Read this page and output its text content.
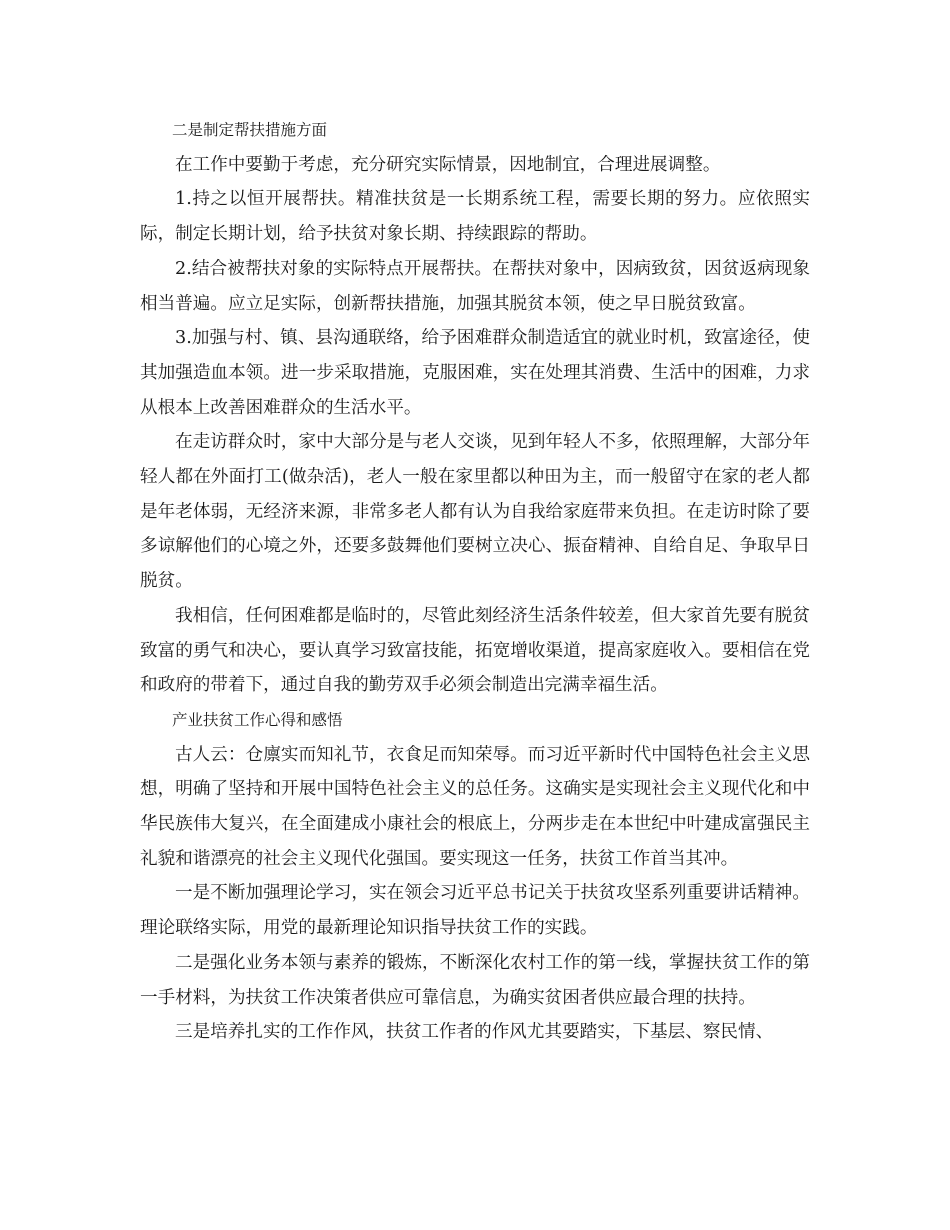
二是制定帮扶措施方面

在工作中要勤于考虑，充分研究实际情景，因地制宜，合理进展调整。

1.持之以恒开展帮扶。精准扶贫是一长期系统工程，需要长期的努力。应依照实际，制定长期计划，给予扶贫对象长期、持续跟踪的帮助。

2.结合被帮扶对象的实际特点开展帮扶。在帮扶对象中，因病致贫，因贫返病现象相当普遍。应立足实际，创新帮扶措施，加强其脱贫本领，使之早日脱贫致富。

3.加强与村、镇、县沟通联络，给予困难群众制造适宜的就业时机，致富途径，使其加强造血本领。进一步采取措施，克服困难，实在处理其消费、生活中的困难，力求从根本上改善困难群众的生活水平。

在走访群众时，家中大部分是与老人交谈，见到年轻人不多，依照理解，大部分年轻人都在外面打工(做杂活)，老人一般在家里都以种田为主，而一般留守在家的老人都是年老体弱，无经济来源，非常多老人都有认为自我给家庭带来负担。在走访时除了要多谅解他们的心境之外，还要多鼓舞他们要树立决心、振奋精神、自给自足、争取早日脱贫。

我相信，任何困难都是临时的，尽管此刻经济生活条件较差，但大家首先要有脱贫致富的勇气和决心，要认真学习致富技能，拓宽增收渠道，提高家庭收入。要相信在党和政府的带着下，通过自我的勤劳双手必须会制造出完满幸福生活。

产业扶贫工作心得和感悟

古人云：仓廪实而知礼节，衣食足而知荣辱。而习近平新时代中国特色社会主义思想，明确了坚持和开展中国特色社会主义的总任务。这确实是实现社会主义现代化和中华民族伟大复兴，在全面建成小康社会的根底上，分两步走在本世纪中叶建成富强民主礼貌和谐漂亮的社会主义现代化强国。要实现这一任务，扶贫工作首当其冲。

一是不断加强理论学习，实在领会习近平总书记关于扶贫攻坚系列重要讲话精神。理论联络实际，用党的最新理论知识指导扶贫工作的实践。

二是强化业务本领与素养的锻炼，不断深化农村工作的第一线，掌握扶贫工作的第一手材料，为扶贫工作决策者供应可靠信息，为确实贫困者供应最合理的扶持。

三是培养扎实的工作作风，扶贫工作者的作风尤其要踏实，下基层、察民情、
